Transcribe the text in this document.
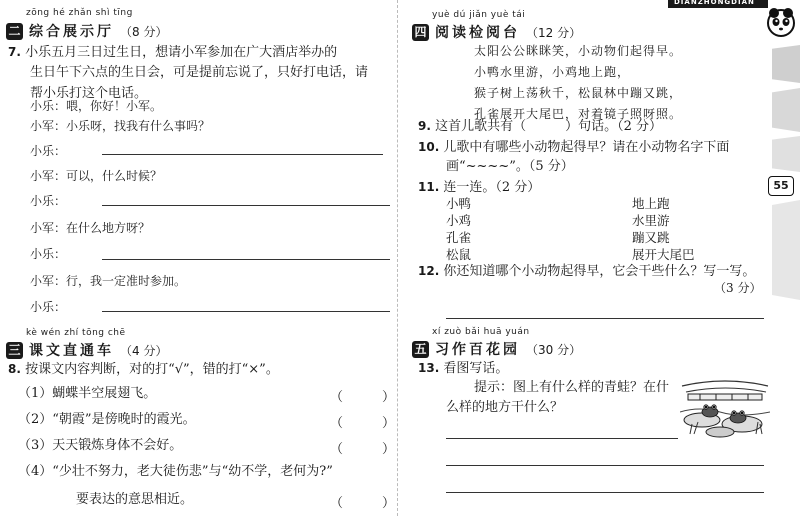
DIANZHONGDIAN
55
zōng hé zhǎn shì tīng
二 综合展示厅 （8 分）
7. 小乐五月三日过生日，想请小军参加在广大酒店举办的
生日午下六点的生日会，可是提前忘说了，只好打电话，请
帮小乐打这个电话。
小乐：喂，你好！小军。
小军：小乐呀，找我有什么事吗？
小乐：
小军：可以，什么时候？
小乐：
小军：在什么地方呀？
小乐：
小军：行，我一定准时参加。
小乐：
kè wén zhí tōng chē
三 课文直通车 （4 分）
8. 按课文内容判断，对的打“√”，错的打“×”。
（1）蝴蝶半空展翅飞。	（　　　）
（2）“朝霞”是傍晚时的霞光。	（　　　）
（3）天天锻炼身体不会好。	（　　　）
（4）“少壮不努力，老大徒伤悲”与“幼不学，老何为?”
要表达的意思相近。	（　　　）
yuè dú jiǎn yuè tái
四 阅读检阅台 （12 分）
太阳公公眯眯笑，小动物们起得早。
小鸭水里游，小鸡地上跑，
猴子树上荡秋千，松鼠林中蹦又跳，
孔雀展开大尾巴，对着镜子照呀照。
9. 这首儿歌共有（　　　）句话。（2 分）
10. 儿歌中有哪些小动物起得早？请在小动物名字下面
画“~~~~”。（5 分）
11. 连一连。（2 分）
小鸭
小鸡
孔雀
松鼠
地上跑
水里游
蹦又跳
展开大尾巴
12. 你还知道哪个小动物起得早，它会干些什么？写一写。
（3 分）
xí zuò bǎi huā yuán
五 习作百花园 （30 分）
13. 看图写话。
提示：图上有什么样的青蛙？在什
么样的地方干什么？
